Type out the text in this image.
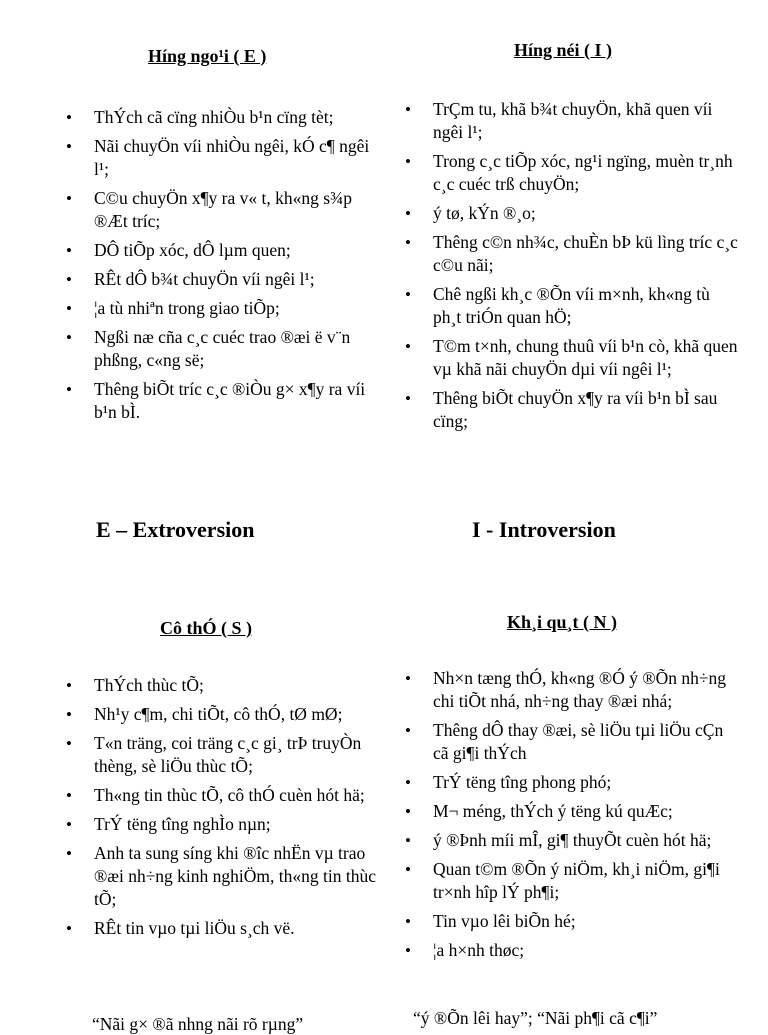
Híng ngo¹i ( E )
• ThÝch cã cïng nhiÒu b¹n cïng tèt;
• Nãi chuyÖn víi nhiÒu ngêi, kÓ c¶ ngêi l¹;
• C©u chuyÖn x¶y ra v« t, kh«ng s¾p ®Æt tríc;
• DÔ tiÕp xóc, dÔ lµm quen;
• RÊt dÔ b¾t chuyÖn víi ngêi l¹;
• ¦a tù nhiªn trong giao tiÕp;
• Ngßi næ cña c¸c cuéc trao ®æi ë v¨n phßng, c«ng së;
• Thêng biÕt tríc c¸c ®iÒu g× x¶y ra víi b¹n bÌ.
Híng néi ( I )
• TrÇm tu, khã b¾t chuyÖn, khã quen víi ngêi l¹;
• Trong c¸c tiÕp xóc, ng¹i ngïng, muèn tr¸nh c¸c cuéc trß chuyÖn;
• ý tø, kÝn ®¸o;
• Thêng c©n nh¾c, chuÈn bÞ kü lìng tríc c¸c c©u nãi;
• Chê ngßi kh¸c ®Õn víi m×nh, kh«ng tù ph¸t triÓn quan hÖ;
• T©m t×nh, chung thuû víi b¹n cò, khã quen vµ khã nãi chuyÖn dµi víi ngêi l¹;
• Thêng biÕt chuyÖn x¶y ra víi b¹n bÌ sau cïng;
E – Extroversion	I - Introversion
Cô thÓ ( S )
• ThÝch thùc tÕ;
• Nh¹y c¶m, chi tiÕt, cô thÓ, tØ mØ;
• T«n träng, coi träng c¸c gi¸ trÞ truyÒn thèng, sè liÖu thùc tÕ;
• Th«ng tin thùc tÕ, cô thÓ cuèn hót hä;
• TrÝ tëng tîng nghÌo nµn;
• Anh ta sung síng khi ®îc nhËn vµ trao ®æi nh÷ng kinh nghiÖm, th«ng tin thùc tÕ;
• RÊt tin vµo tµi liÖu s¸ch vë.
“Nãi g× ®ã nhng nãi rõ rµng”
Kh¸i qu¸t ( N )
• Nh×n tæng thÓ, kh«ng ®Ó ý ®Õn nh÷ng chi tiÕt nhá, nh÷ng thay ®æi nhá;
• Thêng dÔ thay ®æi, sè liÖu tµi liÖu cÇn cã gi¶i thÝch
• TrÝ tëng tîng phong phó;
• M¬ méng, thÝch ý tëng kú quÆc;
• ý ®Þnh míi mÎ, gi¶ thuyÕt cuèn hót hä;
• Quan t©m ®Õn ý niÖm, kh¸i niÖm, gi¶i tr×nh hîp lÝ ph¶i;
• Tin vµo lêi biÕn hé;
• ¦a h×nh thøc;
“ý ®Õn lêi hay”; “Nãi ph¶i cã c¶i”
